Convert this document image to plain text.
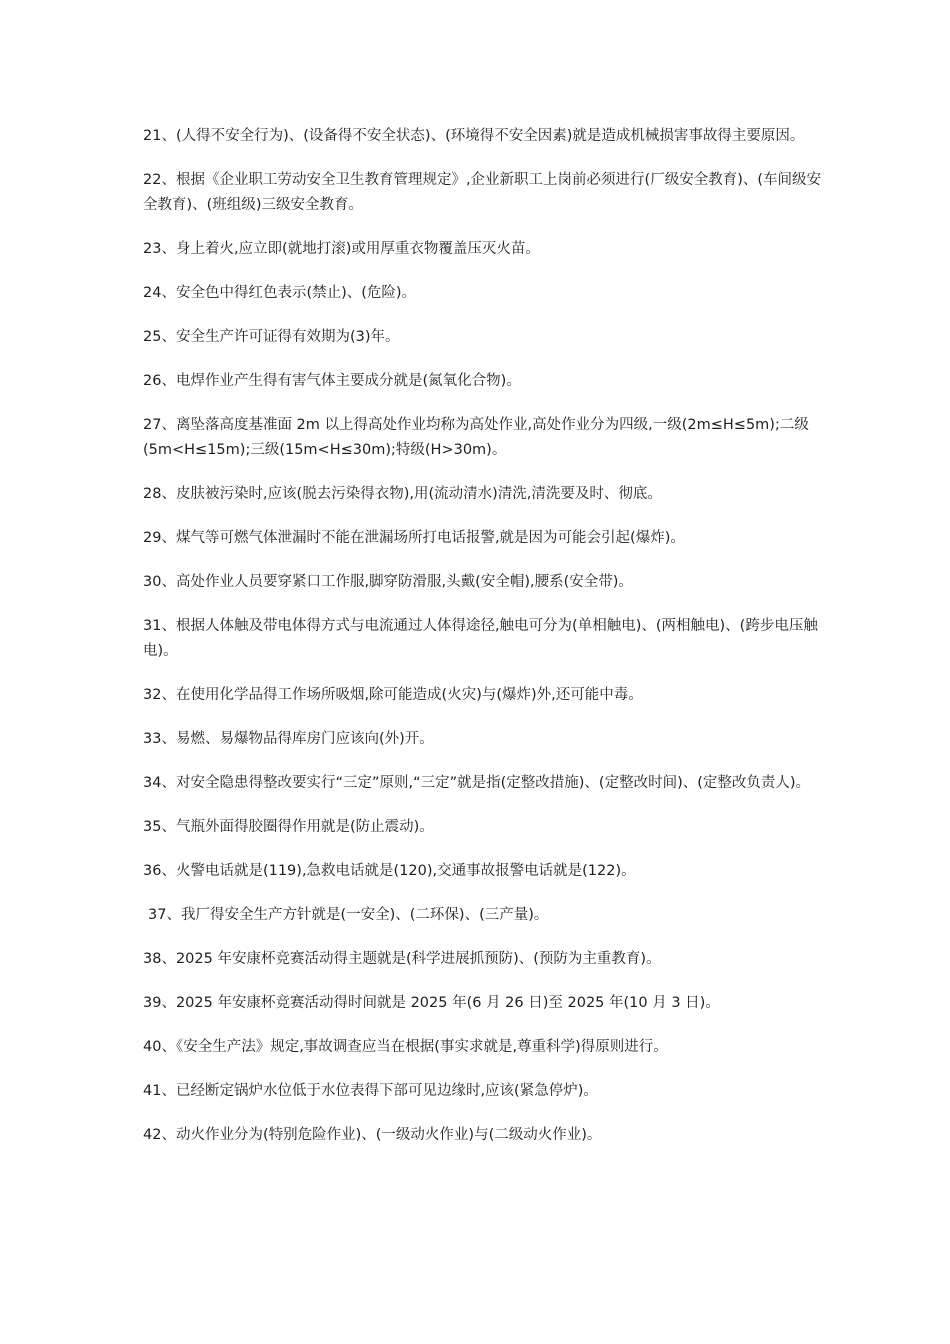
21、(人得不安全行为)、(设备得不安全状态)、(环境得不安全因素)就是造成机械损害事故得主要原因。

22、根据《企业职工劳动安全卫生教育管理规定》,企业新职工上岗前必须进行(厂级安全教育)、(车间级安全教育)、(班组级)三级安全教育。

23、身上着火,应立即(就地打滚)或用厚重衣物覆盖压灭火苗。

24、安全色中得红色表示(禁止)、(危险)。

25、安全生产许可证得有效期为(3)年。

26、电焊作业产生得有害气体主要成分就是(氮氧化合物)。

27、离坠落高度基准面 2m 以上得高处作业均称为高处作业,高处作业分为四级,一级(2m≤H≤5m);二级(5m<H≤15m);三级(15m<H≤30m);特级(H>30m)。

28、皮肤被污染时,应该(脱去污染得衣物),用(流动清水)清洗,清洗要及时、彻底。

29、煤气等可燃气体泄漏时不能在泄漏场所打电话报警,就是因为可能会引起(爆炸)。

30、高处作业人员要穿紧口工作服,脚穿防滑服,头戴(安全帽),腰系(安全带)。

31、根据人体触及带电体得方式与电流通过人体得途径,触电可分为(单相触电)、(两相触电)、(跨步电压触电)。

32、在使用化学品得工作场所吸烟,除可能造成(火灾)与(爆炸)外,还可能中毒。

33、易燃、易爆物品得库房门应该向(外)开。

34、对安全隐患得整改要实行“三定”原则,“三定”就是指(定整改措施)、(定整改时间)、(定整改负责人)。

35、气瓶外面得胶圈得作用就是(防止震动)。

36、火警电话就是(119),急救电话就是(120),交通事故报警电话就是(122)。

37、我厂得安全生产方针就是(一安全)、(二环保)、(三产量)。

38、2025 年安康杯竞赛活动得主题就是(科学进展抓预防)、(预防为主重教育)。

39、2025 年安康杯竞赛活动得时间就是 2025 年(6 月 26 日)至 2025 年(10 月 3 日)。

40、《安全生产法》规定,事故调查应当在根据(事实求就是,尊重科学)得原则进行。

41、已经断定锅炉水位低于水位表得下部可见边缘时,应该(紧急停炉)。

42、动火作业分为(特别危险作业)、(一级动火作业)与(二级动火作业)。
